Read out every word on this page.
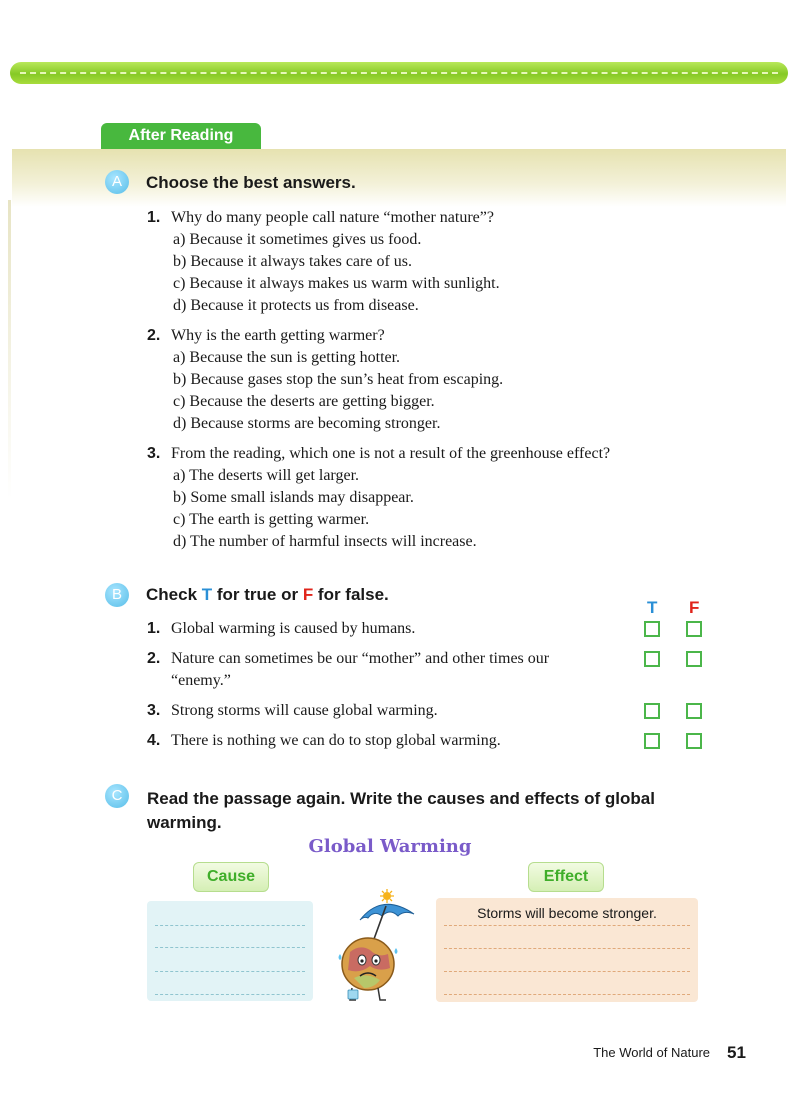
After Reading
A	Choose the best answers.
1. Why do many people call nature “mother nature”?
a) Because it sometimes gives us food.
b) Because it always takes care of us.
c) Because it always makes us warm with sunlight.
d) Because it protects us from disease.
2. Why is the earth getting warmer?
a) Because the sun is getting hotter.
b) Because gases stop the sun’s heat from escaping.
c) Because the deserts are getting bigger.
d) Because storms are becoming stronger.
3. From the reading, which one is not a result of the greenhouse effect?
a) The deserts will get larger.
b) Some small islands may disappear.
c) The earth is getting warmer.
d) The number of harmful insects will increase.
B	Check T for true or F for false.
T F
1. Global warming is caused by humans.
2. Nature can sometimes be our “mother” and other times our
“enemy.”
3. Strong storms will cause global warming.
4. There is nothing we can do to stop global warming.
C	Read the passage again. Write the causes and effects of global
warming.
Global Warming
Cause	Effect
Storms will become stronger.
The World of Nature 51
